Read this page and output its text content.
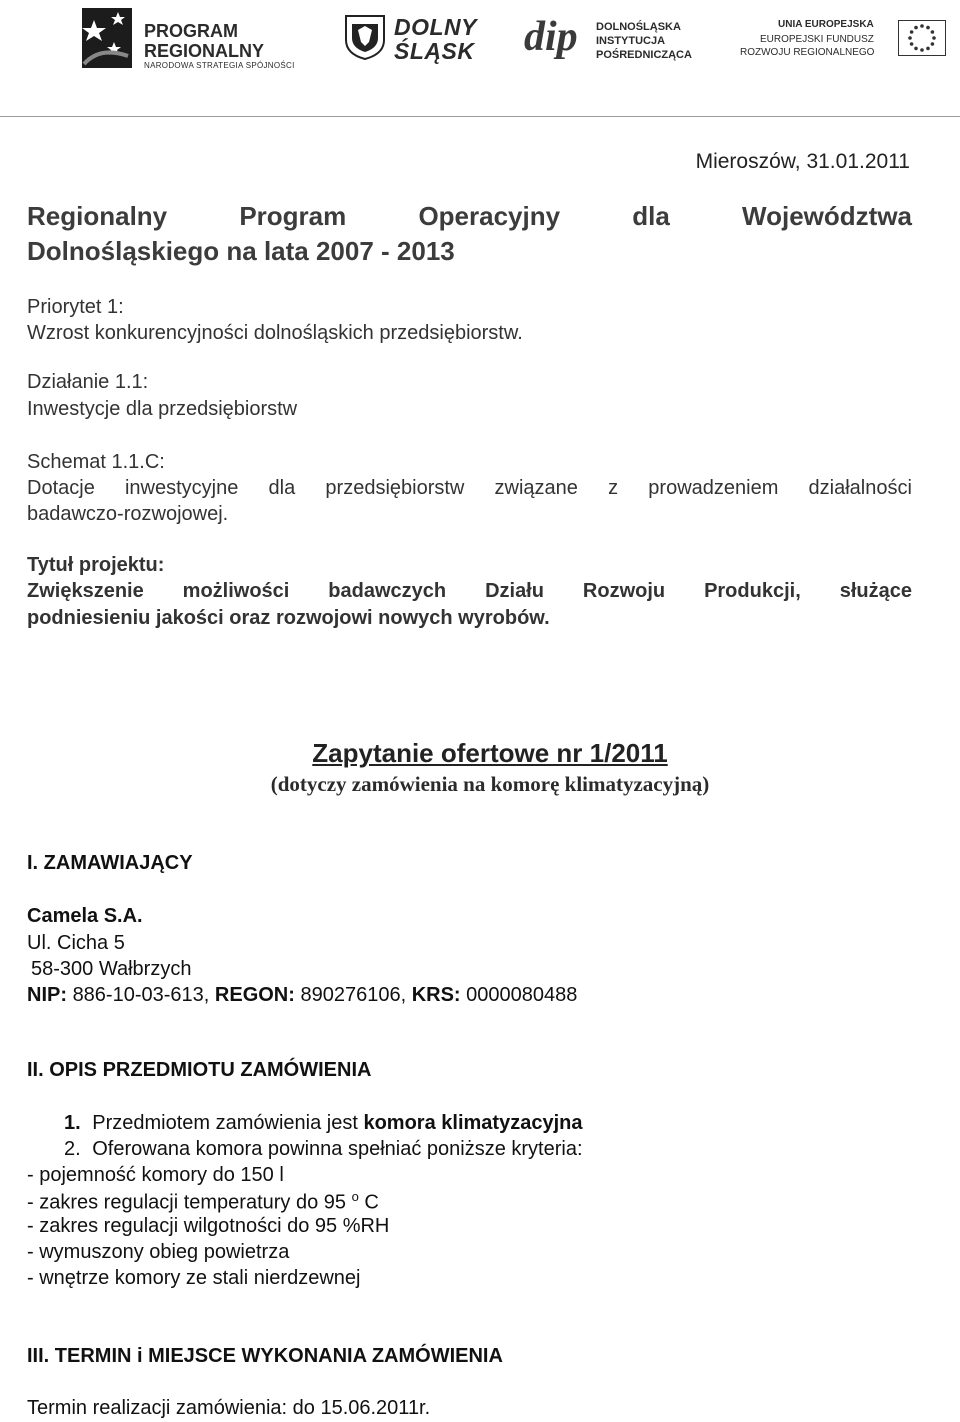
PROGRAM
REGIONALNY
NARODOWA STRATEGIA SPÓJNOŚCI
DOLNY
ŚLĄSK dip DOLNOŚLĄSKA
INSTYTUCJA
POŚREDNICZĄCA
UNIA EUROPEJSKA
EUROPEJSKI FUNDUSZ
ROZWOJU REGIONALNEGO
Mieroszów, 31.01.2011
Regionalny	Program	Operacyjny	dla	Województwa
Dolnośląskiego na lata 2007 - 2013
Priorytet 1:
Wzrost konkurencyjności dolnośląskich przedsiębiorstw.
Działanie 1.1:
Inwestycje dla przedsiębiorstw
Schemat 1.1.C:
Dotacje inwestycyjne dla przedsiębiorstw związane z prowadzeniem działalności
badawczo-rozwojowej.
Tytuł projektu:
Zwiększenie możliwości badawczych Działu Rozwoju Produkcji, służące
podniesieniu jakości oraz rozwojowi nowych wyrobów.
Zapytanie ofertowe nr 1/2011
(dotyczy zamówienia na komorę klimatyzacyjną)
I. ZAMAWIAJĄCY
Camela S.A.
Ul. Cicha 5
58-300 Wałbrzych
NIP: 886-10-03-613, REGON: 890276106, KRS: 0000080488
II. OPIS PRZEDMIOTU ZAMÓWIENIA
1. Przedmiotem zamówienia jest komora klimatyzacyjna
2. Oferowana komora powinna spełniać poniższe kryteria:
- pojemność komory do 150 l
- zakres regulacji temperatury do 95 $^o$ C
- zakres regulacji wilgotności do 95 %RH
- wymuszony obieg powietrza
- wnętrze komory ze stali nierdzewnej
III. TERMIN i MIEJSCE WYKONANIA ZAMÓWIENIA
Termin realizacji zamówienia: do 15.06.2011r.
